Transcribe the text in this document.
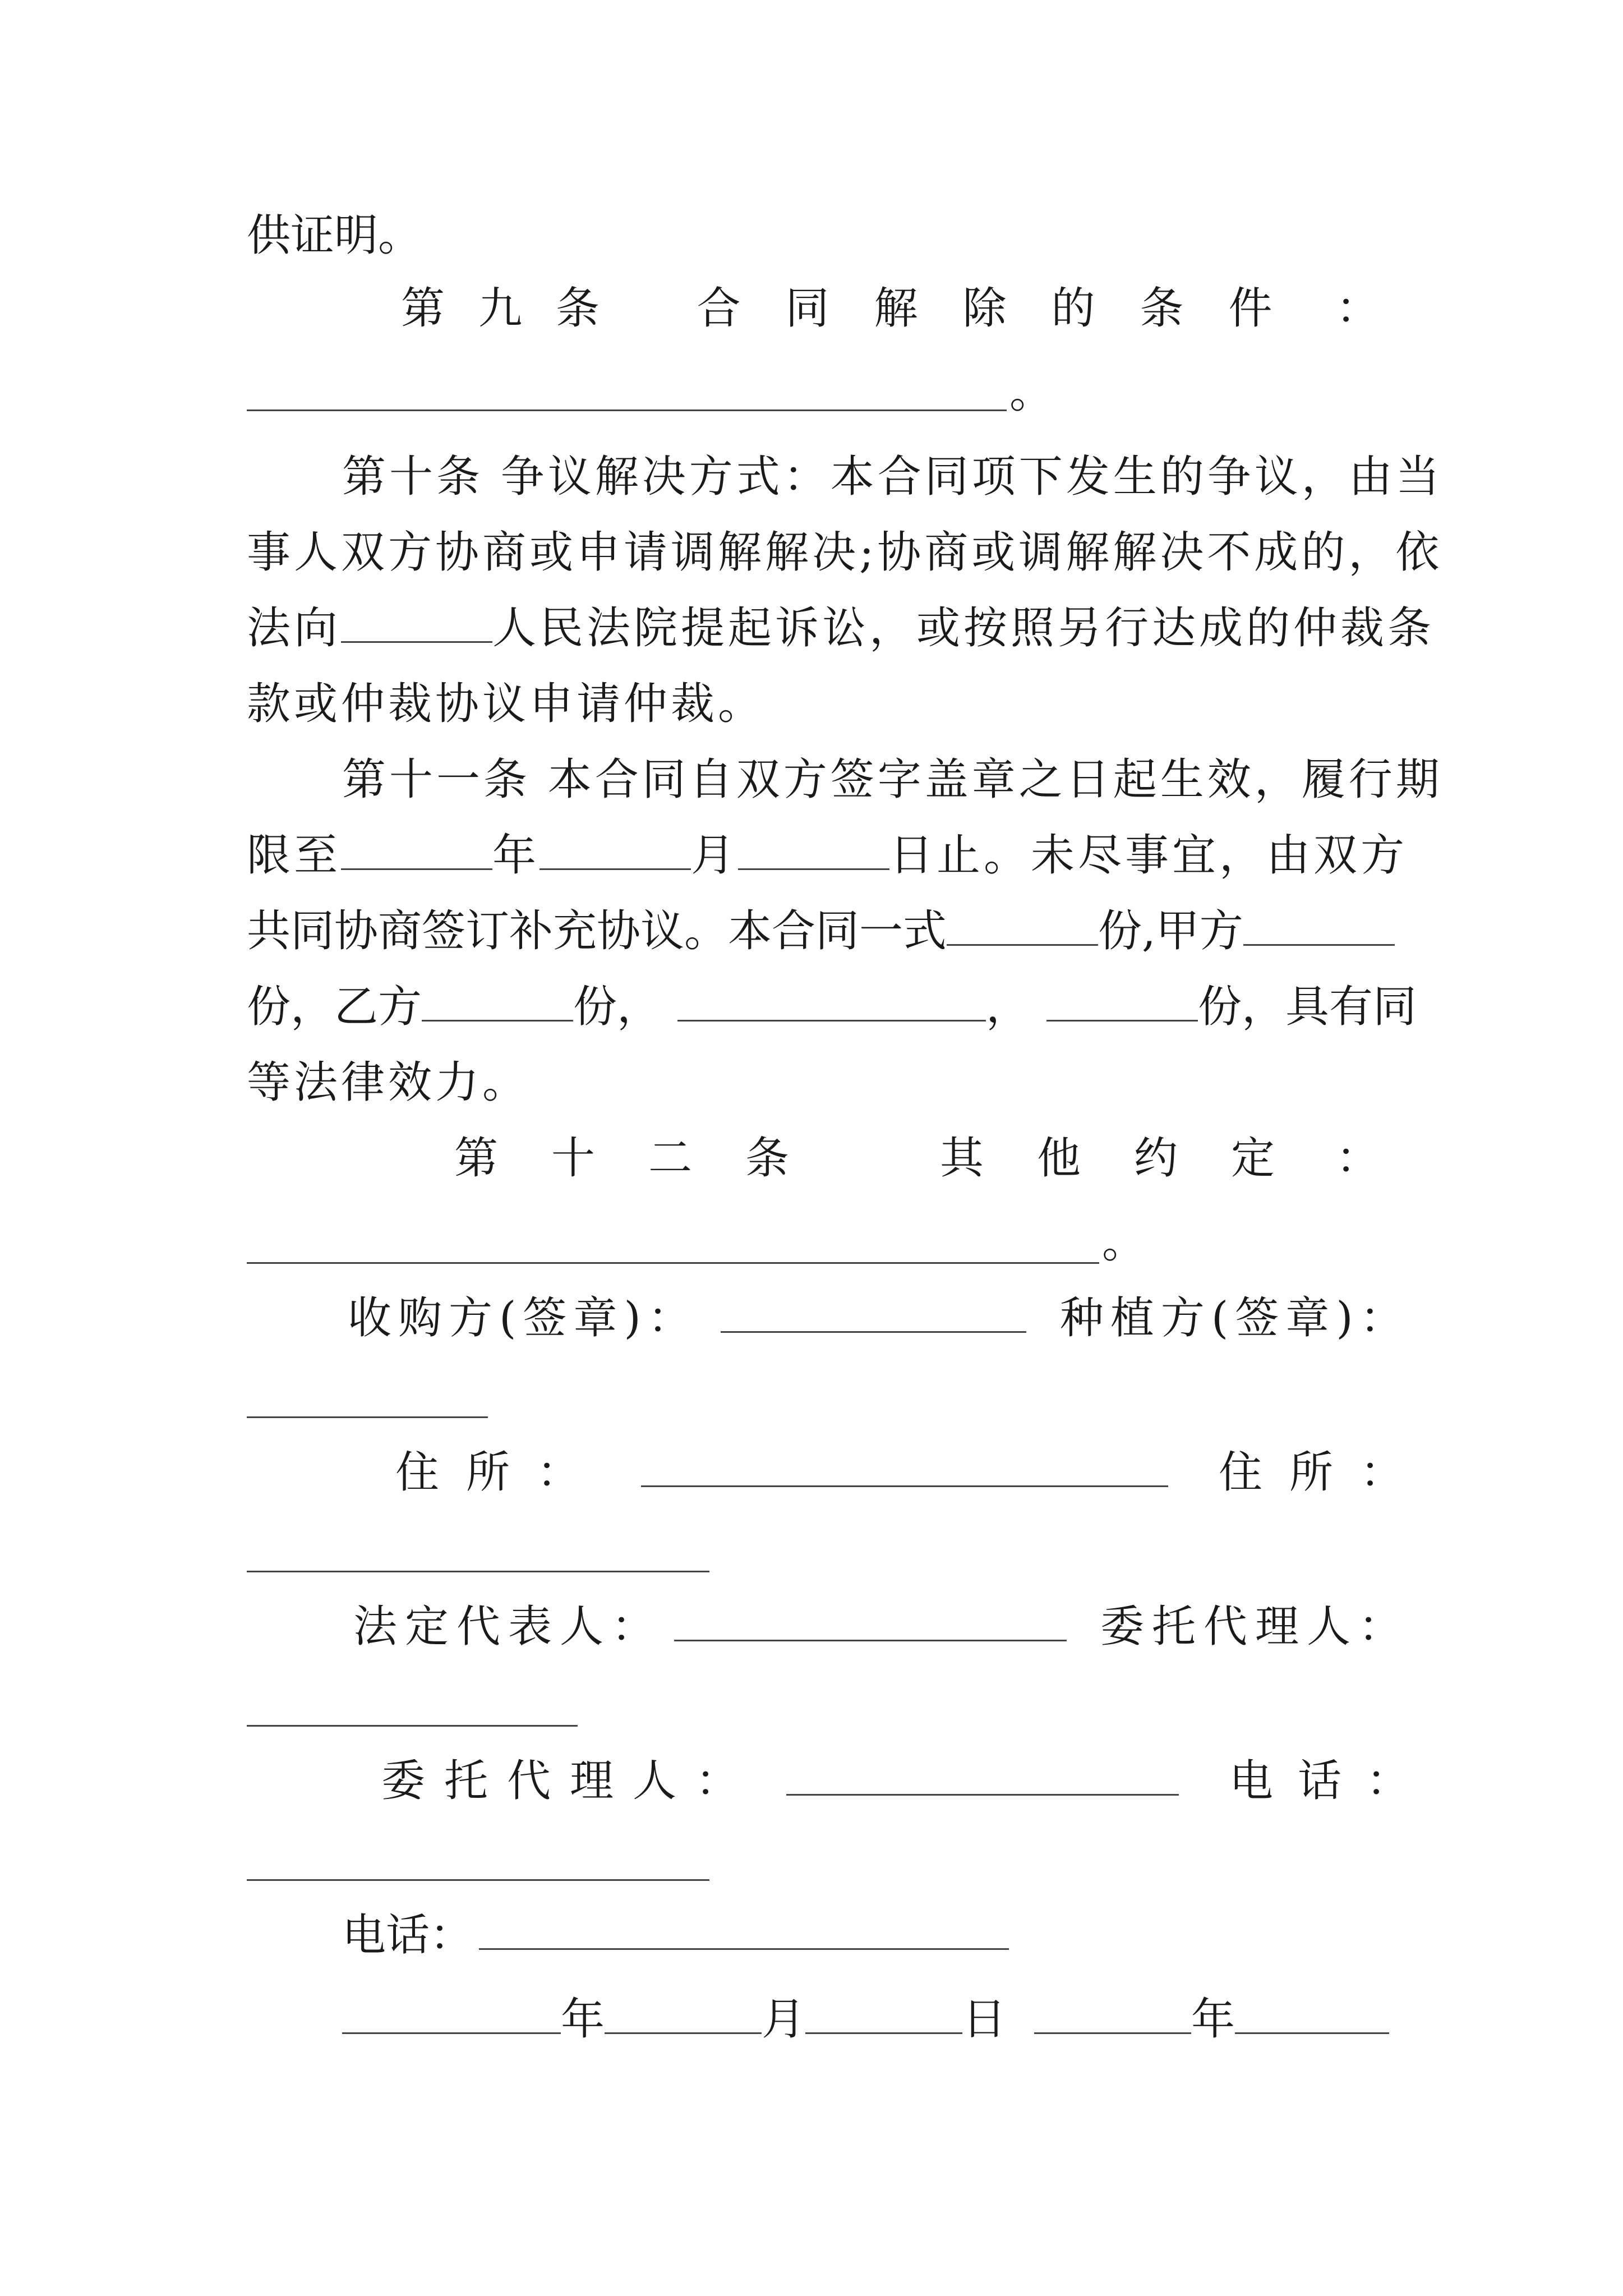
供证明。
第九条 合同解除的条件 ：
。
第十条 争议解决方式：本合同项下发生的争议，由当
事人双方协商或申请调解解决;协商或调解解决不成的，依
法向	人民法院提起诉讼，或按照另行达成的仲裁条
款或仲裁协议申请仲裁。
第十一条 本合同自双方签字盖章之日起生效，履行期
限至	年	月	日止。未尽事宜，由双方
共同协商签订补充协议。本合同一式	份,甲方
份，乙方	份，	，	份，具有同
等法律效力。
第十二条 其他约定 ：
。
收购方(签章)：	种植方(签章)：
住所：	住所：
法定代表人：	委托代理人：
委托代理人：	电话：
电话：
年	月	日	年
